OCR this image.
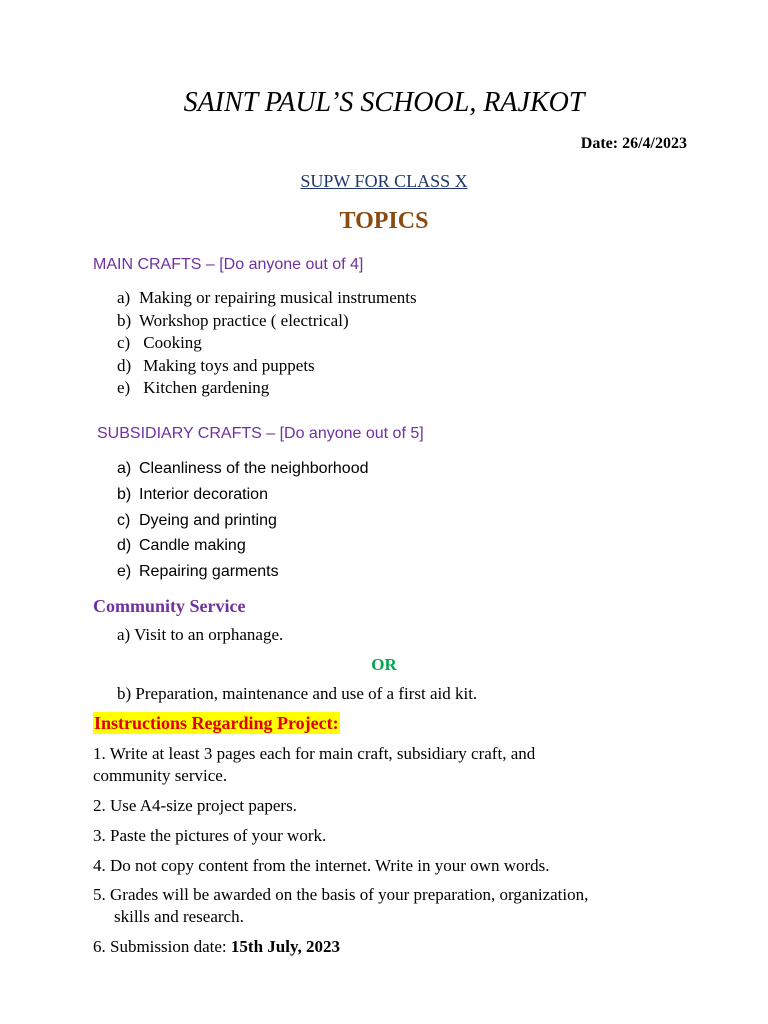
SAINT PAUL’S SCHOOL, RAJKOT
Date: 26/4/2023
SUPW FOR CLASS X
TOPICS
MAIN CRAFTS – [Do anyone out of 4]
a) Making or repairing musical instruments
b) Workshop practice ( electrical)
c) Cooking
d) Making toys and puppets
e) Kitchen gardening
SUBSIDIARY CRAFTS – [Do anyone out of 5]
a) Cleanliness of the neighborhood
b) Interior decoration
c) Dyeing and printing
d) Candle making
e) Repairing garments
Community Service
a) Visit to an orphanage.
OR
b) Preparation, maintenance and use of a first aid kit.
Instructions Regarding Project:
1. Write at least 3 pages each for main craft, subsidiary craft, and
community service.
2. Use A4-size project papers.
3. Paste the pictures of your work.
4. Do not copy content from the internet. Write in your own words.
5. Grades will be awarded on the basis of your preparation, organization,
skills and research.
6. Submission date: 15th July, 2023
